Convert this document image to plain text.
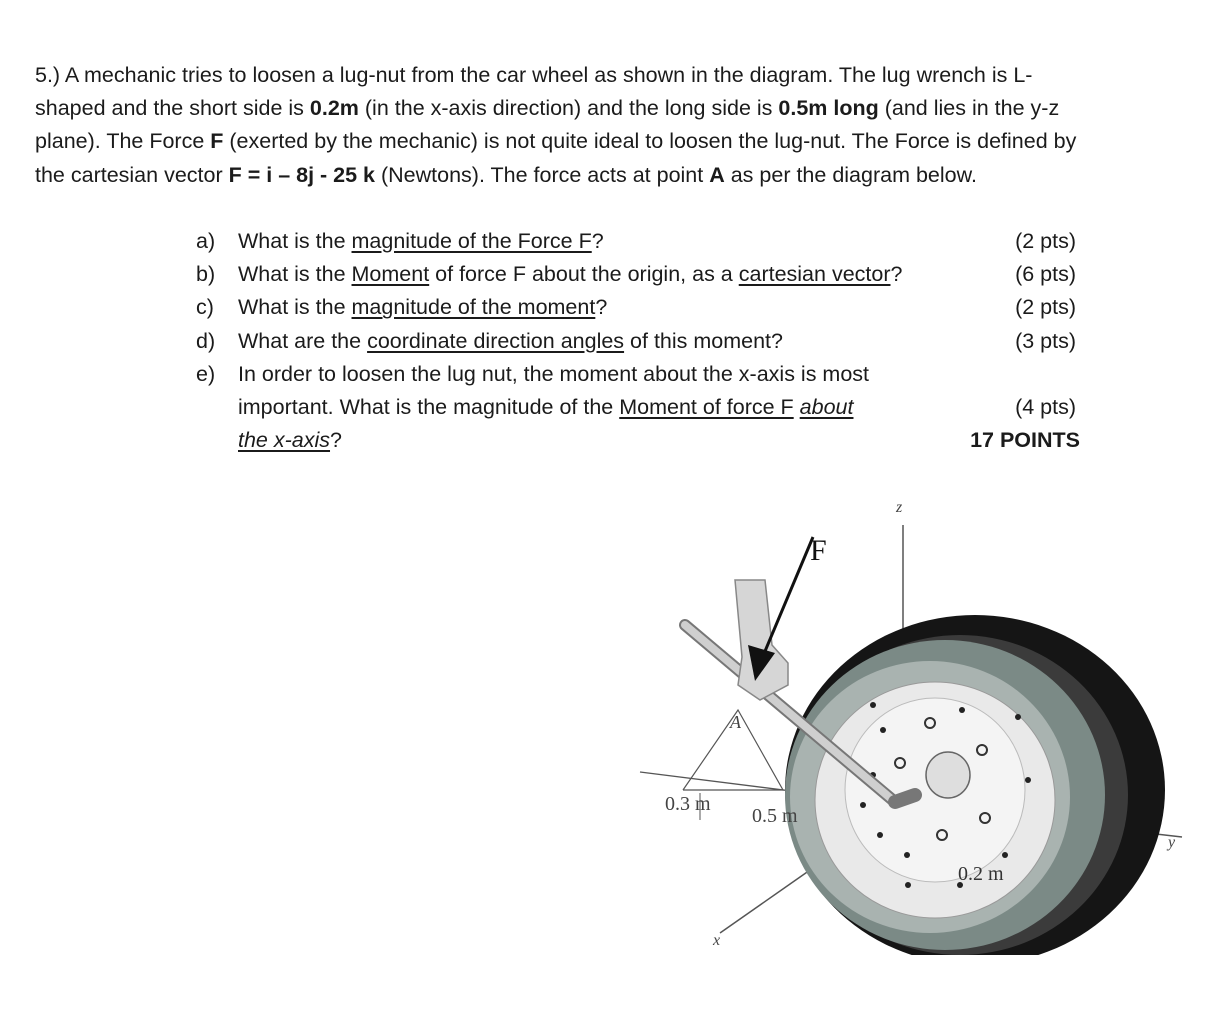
5.) A mechanic tries to loosen a lug-nut from the car wheel as shown in the diagram. The lug wrench is L-shaped and the short side is 0.2m (in the x-axis direction) and the long side is 0.5m long (and lies in the y-z plane). The Force F (exerted by the mechanic) is not quite ideal to loosen the lug-nut. The Force is defined by the cartesian vector F = i – 8j - 25 k (Newtons). The force acts at point A as per the diagram below.
a)	What is the magnitude of the Force F?	(2 pts)
b)	What is the Moment of force F about the origin, as a cartesian vector?	(6 pts)
c)	What is the magnitude of the moment?	(2 pts)
d)	What are the coordinate direction angles of this moment?	(3 pts)
e)	In order to loosen the lug nut, the moment about the x-axis is most
important. What is the magnitude of the Moment of force F about	(4 pts)
the x-axis?	17 POINTS
F
z
y
x
A
0.3 m
0.5 m
0.2 m
